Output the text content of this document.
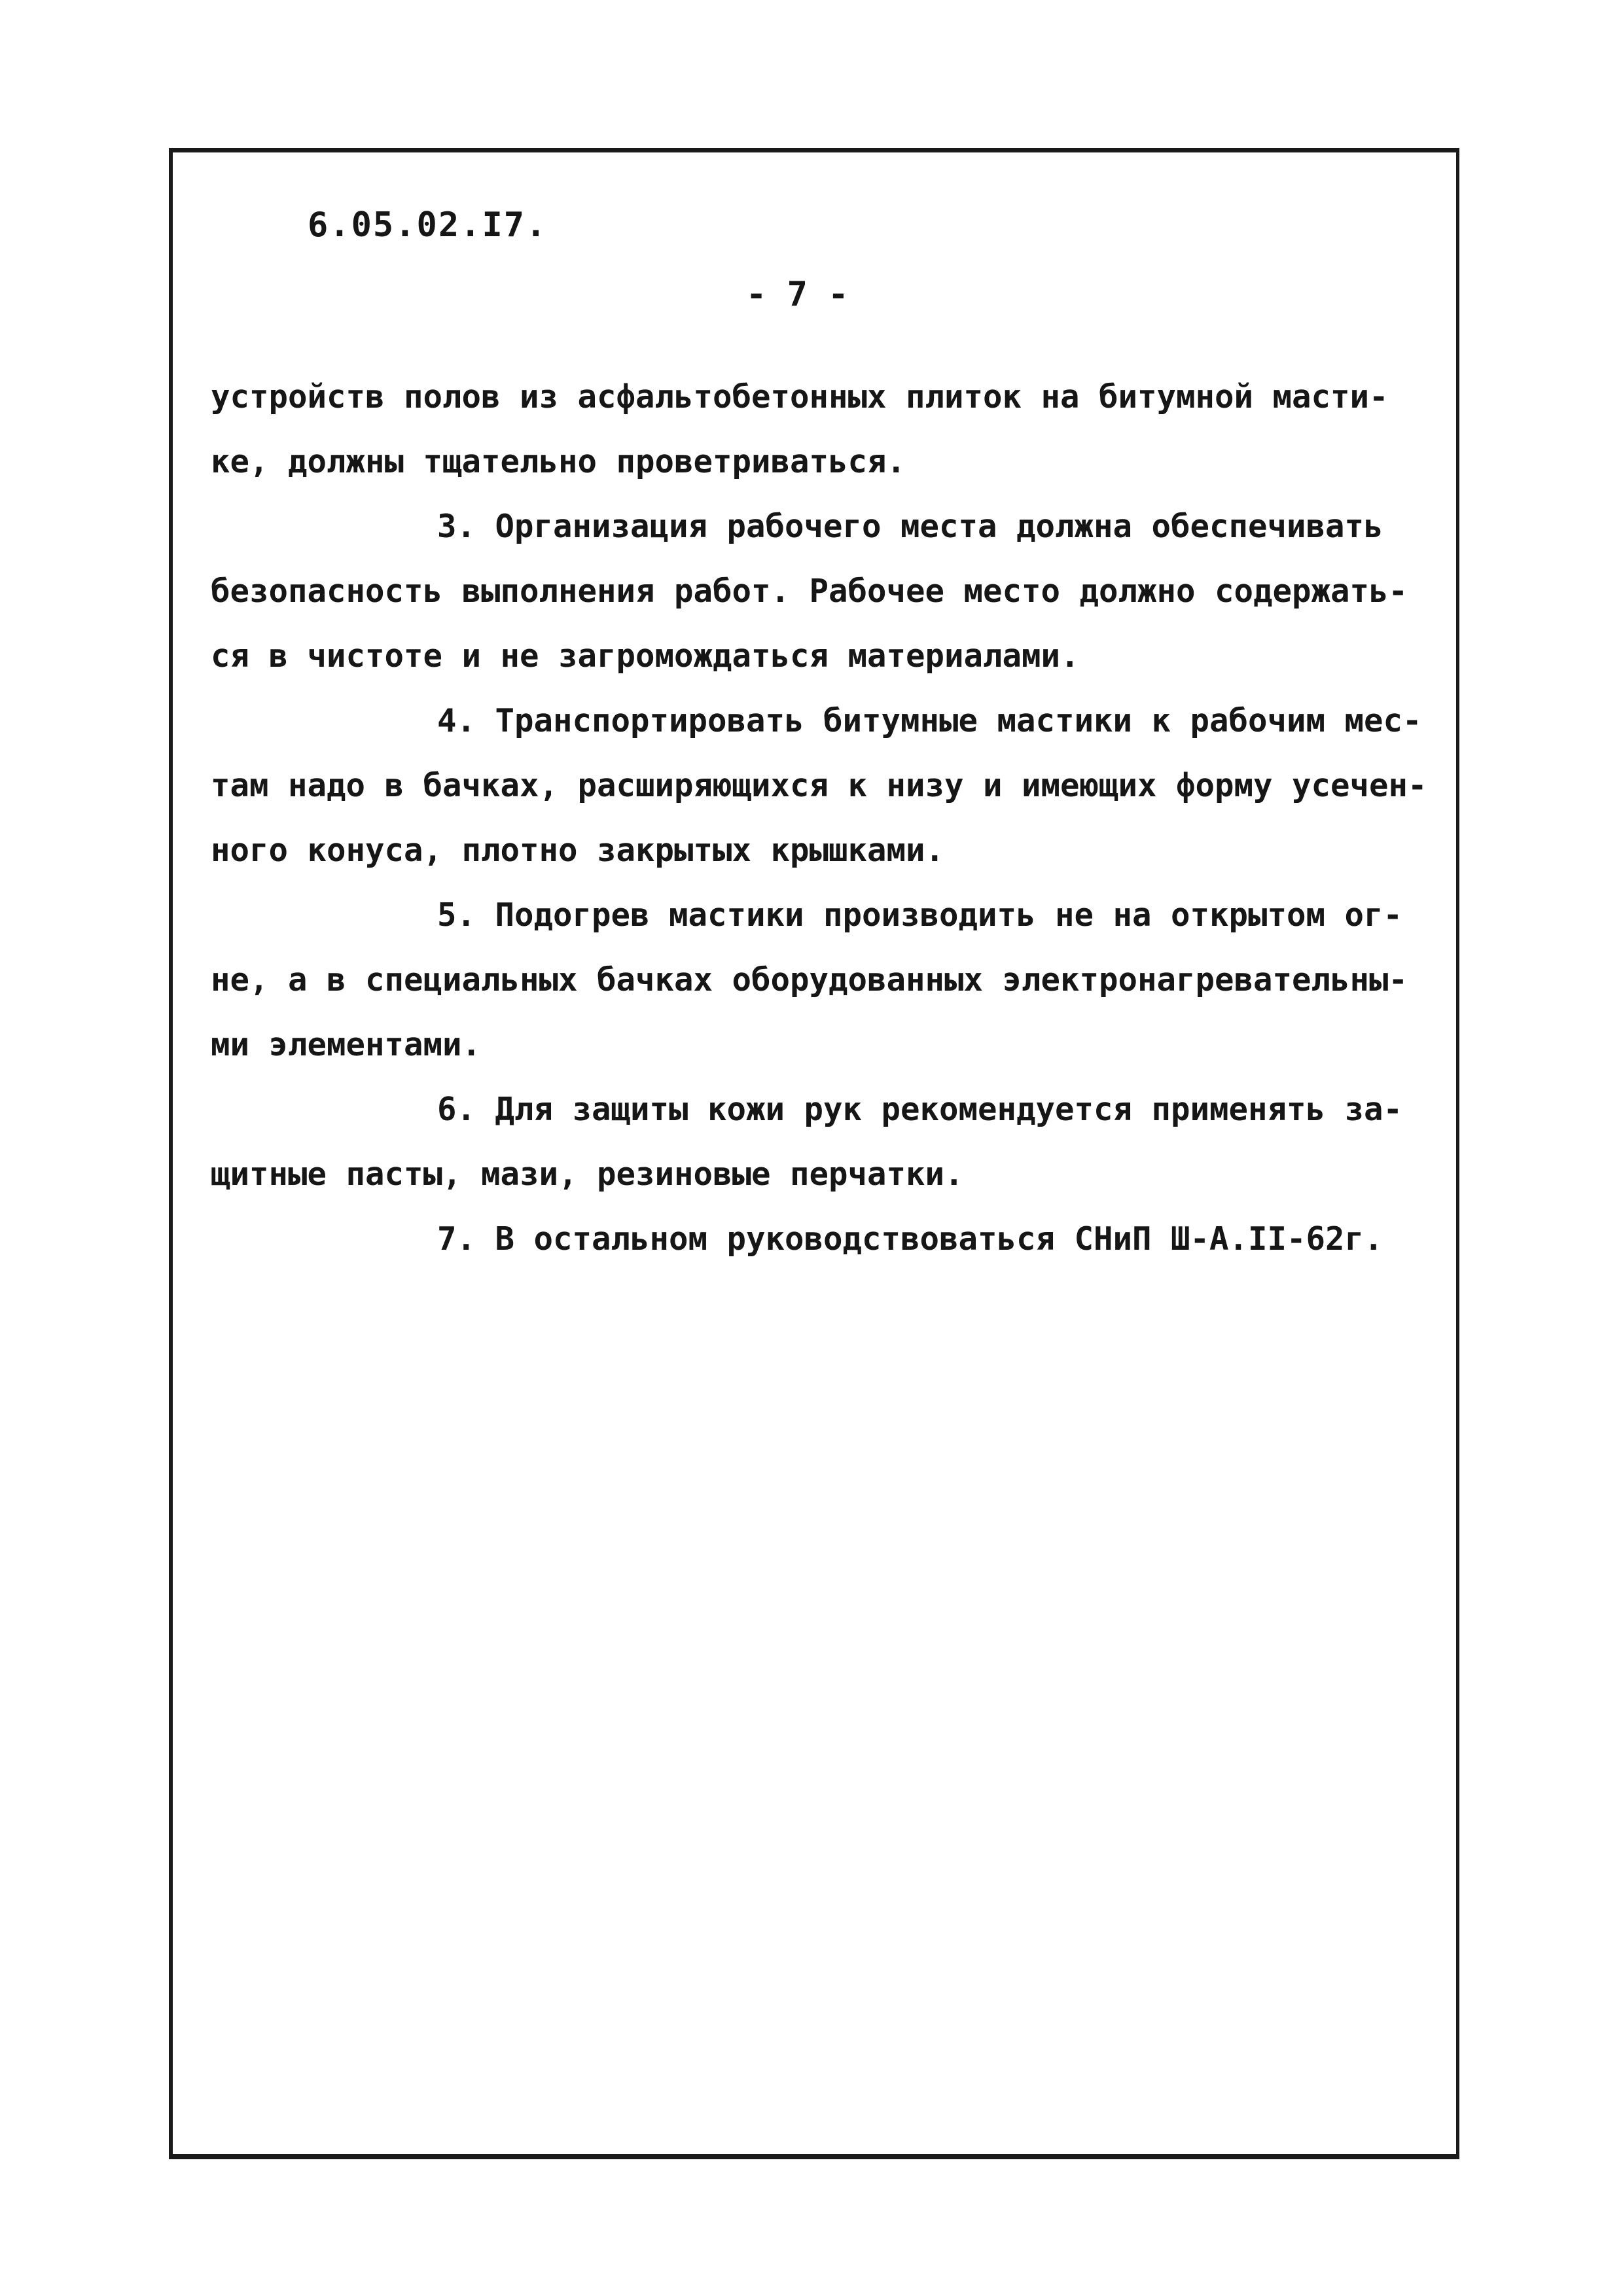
6.05.02.I7.

- 7 -

устройств полов из асфальтобетонных плиток на битумной масти-

ке, должны тщательно проветриваться.

3. Организация рабочего места должна обеспечивать

безопасность выполнения работ. Рабочее место должно содержать-

ся в чистоте и не загромождаться материалами.

4. Транспортировать битумные мастики к рабочим мес-

там надо в бачках, расширяющихся к низу и имеющих форму усечен-

ного конуса, плотно закрытых крышками.

5. Подогрев мастики производить не на открытом ог-

не, а в специальных бачках оборудованных электронагревательны-

ми элементами.

6. Для защиты кожи рук рекомендуется применять за-

щитные пасты, мази, резиновые перчатки.

7. В остальном руководствоваться СНиП Ш-А.II-62г.
